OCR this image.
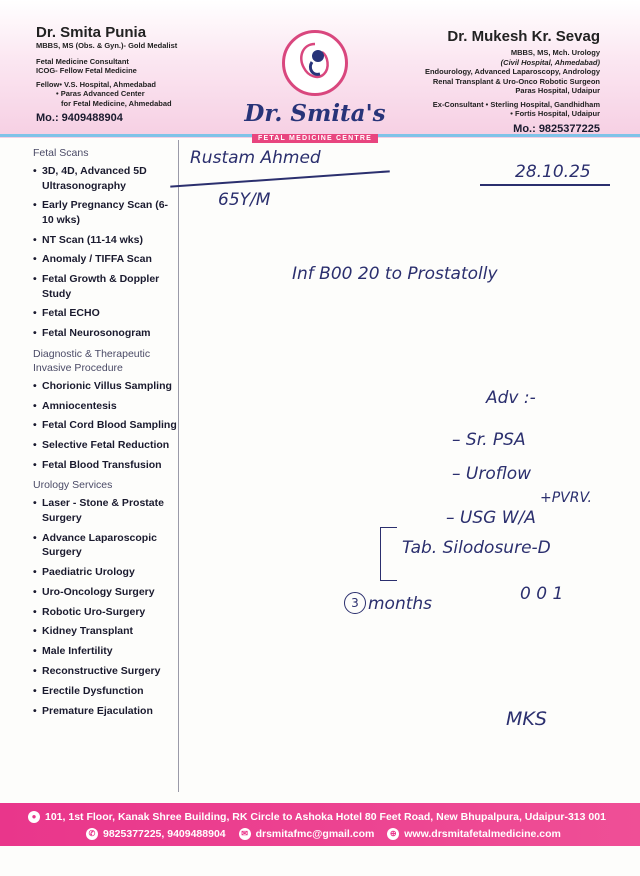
Dr. Smita Punia

MBBS, MS (Obs. & Gyn.)- Gold Medalist
Fetal Medicine Consultant
ICOG- Fellow Fetal Medicine
Fellow• V.S. Hospital, Ahmedabad
• Paras Advanced Center
for Fetal Medicine, Ahmedabad
Mo.: 9409488904	Dr. Smita's
FETAL MEDICINE CENTRE

Dr. Mukesh Kr. Sevag

MBBS, MS, Mch. Urology
(Civil Hospital, Ahmedabad)
Endourology, Advanced Laparoscopy, Andrology
Renal Transplant & Uro-Onco Robotic Surgeon
Paras Hospital, Udaipur
Ex-Consultant • Sterling Hospital, Gandhidham
• Fortis Hospital, Udaipur
Mo.: 9825377225
Fetal Scans
• 3D, 4D, Advanced 5D Ultrasonography
• Early Pregnancy Scan (6-10 wks)
• NT Scan (11-14 wks)
• Anomaly / TIFFA Scan
• Fetal Growth & Doppler Study
• Fetal ECHO
• Fetal Neurosonogram
Diagnostic & Therapeutic Invasive Procedure
• Chorionic Villus Sampling
• Amniocentesis
• Fetal Cord Blood Sampling
• Selective Fetal Reduction
• Fetal Blood Transfusion
Urology Services
• Laser - Stone & Prostate Surgery
• Advance Laparoscopic Surgery
• Paediatric Urology
• Uro-Oncology Surgery
• Robotic Uro-Surgery
• Kidney Transplant
• Male Infertility
• Reconstructive Surgery
• Erectile Dysfunction
• Premature Ejaculation
Rustam Ahmed
28.10.25
65Y/M
Inf B00 20 to Prostatolly
Adv :-
– Sr. PSA
– Uroflow
+PVRV.
– USG W/A
Tab. Silodosure-D
0 0 1
3 months
MKS
● 101, 1st Floor, Kanak Shree Building, RK Circle to Ashoka Hotel 80 Feet Road, New Bhupalpura, Udaipur-313 001
✆ 9825377225, 9409488904 ✉ drsmitafmc@gmail.com ⊕ www.drsmitafetalmedicine.com
